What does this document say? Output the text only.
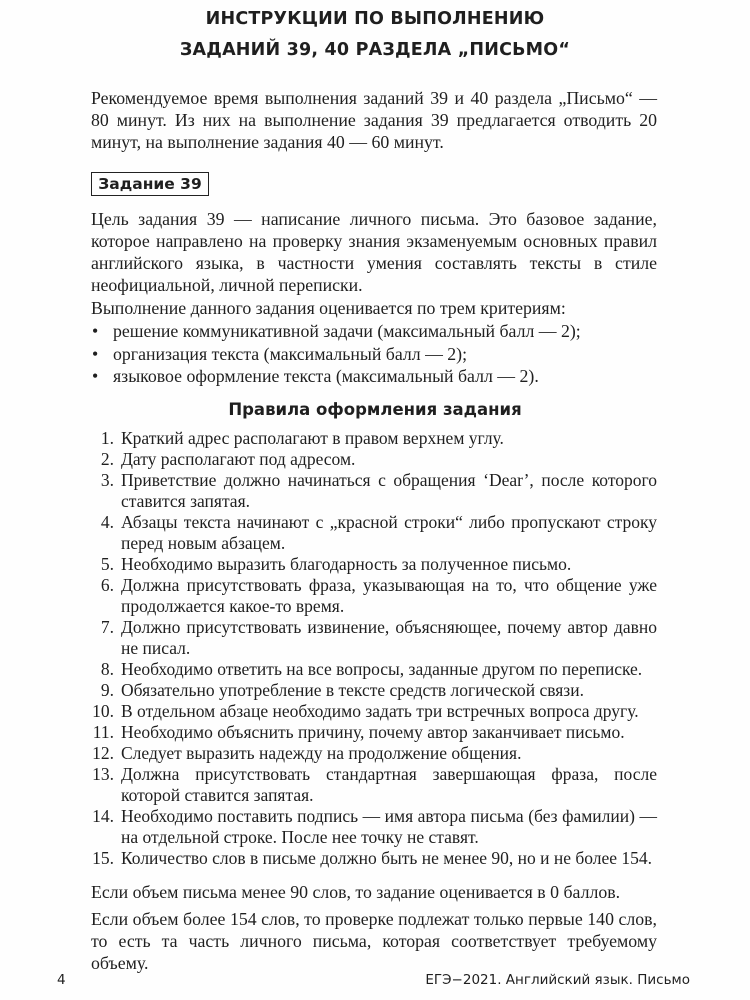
ИНСТРУКЦИИ ПО ВЫПОЛНЕНИЮ
ЗАДАНИЙ 39, 40 РАЗДЕЛА „ПИСЬМО“
Рекомендуемое время выполнения заданий 39 и 40 раздела „Письмо“ — 80 минут. Из них на выполнение задания 39 предлагается отводить 20 минут, на выполнение задания 40 — 60 минут.
Задание 39
Цель задания 39 — написание личного письма. Это базовое задание, которое направлено на проверку знания экзаменуемым основных правил английского языка, в частности умения составлять тексты в стиле неофициальной, личной переписки.
Выполнение данного задания оценивается по трем критериям:
• решение коммуникативной задачи (максимальный балл — 2);
• организация текста (максимальный балл — 2);
• языковое оформление текста (максимальный балл — 2).
Правила оформления задания
1. Краткий адрес располагают в правом верхнем углу.
2. Дату располагают под адресом.
3. Приветствие должно начинаться с обращения ‘Dear’, после которого ставится запятая.
4. Абзацы текста начинают с „красной строки“ либо пропускают строку перед новым абзацем.
5. Необходимо выразить благодарность за полученное письмо.
6. Должна присутствовать фраза, указывающая на то, что общение уже продолжается какое-то время.
7. Должно присутствовать извинение, объясняющее, почему автор давно не писал.
8. Необходимо ответить на все вопросы, заданные другом по переписке.
9. Обязательно употребление в тексте средств логической связи.
10. В отдельном абзаце необходимо задать три встречных вопроса другу.
11. Необходимо объяснить причину, почему автор заканчивает письмо.
12. Следует выразить надежду на продолжение общения.
13. Должна присутствовать стандартная завершающая фраза, после которой ставится запятая.
14. Необходимо поставить подпись — имя автора письма (без фамилии) — на отдельной строке. После нее точку не ставят.
15. Количество слов в письме должно быть не менее 90, но и не более 154.
Если объем письма менее 90 слов, то задание оценивается в 0 баллов.
Если объем более 154 слов, то проверке подлежат только первые 140 слов, то есть та часть личного письма, которая соответствует требуемому объему.
4	ЕГЭ−2021. Английский язык. Письмо
